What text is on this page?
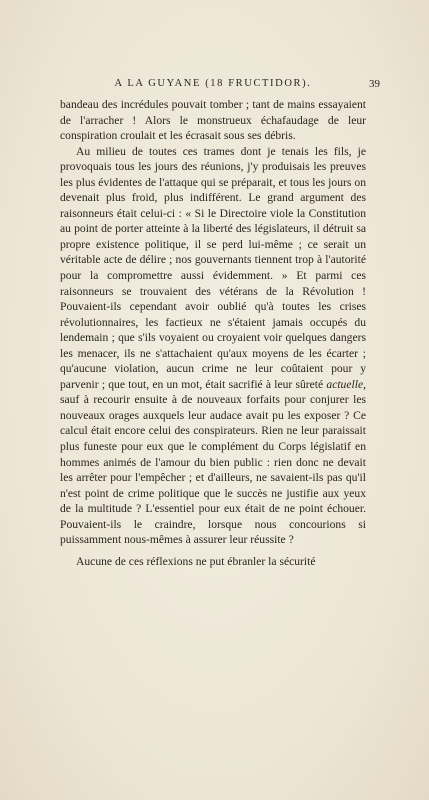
A LA GUYANE (18 FRUCTIDOR).	39

bandeau des incrédules pouvait tomber ; tant de mains essayaient de l'arracher ! Alors le monstrueux échafaudage de leur conspiration croulait et les écrasait sous ses débris.

Au milieu de toutes ces trames dont je tenais les fils, je provoquais tous les jours des réunions, j'y produisais les preuves les plus évidentes de l'attaque qui se préparait, et tous les jours on devenait plus froid, plus indifférent. Le grand argument des raisonneurs était celui-ci : « Si le Directoire viole la Constitution au point de porter atteinte à la liberté des législateurs, il détruit sa propre existence politique, il se perd lui-même ; ce serait un véritable acte de délire ; nos gouvernants tiennent trop à l'autorité pour la compromettre aussi évidemment. » Et parmi ces raisonneurs se trouvaient des vétérans de la Révolution ! Pouvaient-ils cependant avoir oublié qu'à toutes les crises révolutionnaires, les factieux ne s'étaient jamais occupés du lendemain ; que s'ils voyaient ou croyaient voir quelques dangers les menacer, ils ne s'attachaient qu'aux moyens de les écarter ; qu'aucune violation, aucun crime ne leur coûtaient pour y parvenir ; que tout, en un mot, était sacrifié à leur sûreté actuelle, sauf à recourir ensuite à de nouveaux forfaits pour conjurer les nouveaux orages auxquels leur audace avait pu les exposer ? Ce calcul était encore celui des conspirateurs. Rien ne leur paraissait plus funeste pour eux que le complément du Corps législatif en hommes animés de l'amour du bien public : rien donc ne devait les arrêter pour l'empêcher ; et d'ailleurs, ne savaient-ils pas qu'il n'est point de crime politique que le succès ne justifie aux yeux de la multitude ? L'essentiel pour eux était de ne point échouer. Pouvaient-ils le craindre, lorsque nous concourions si puissamment nous-mêmes à assurer leur réussite ?

Aucune de ces réflexions ne put ébranler la sécurité
